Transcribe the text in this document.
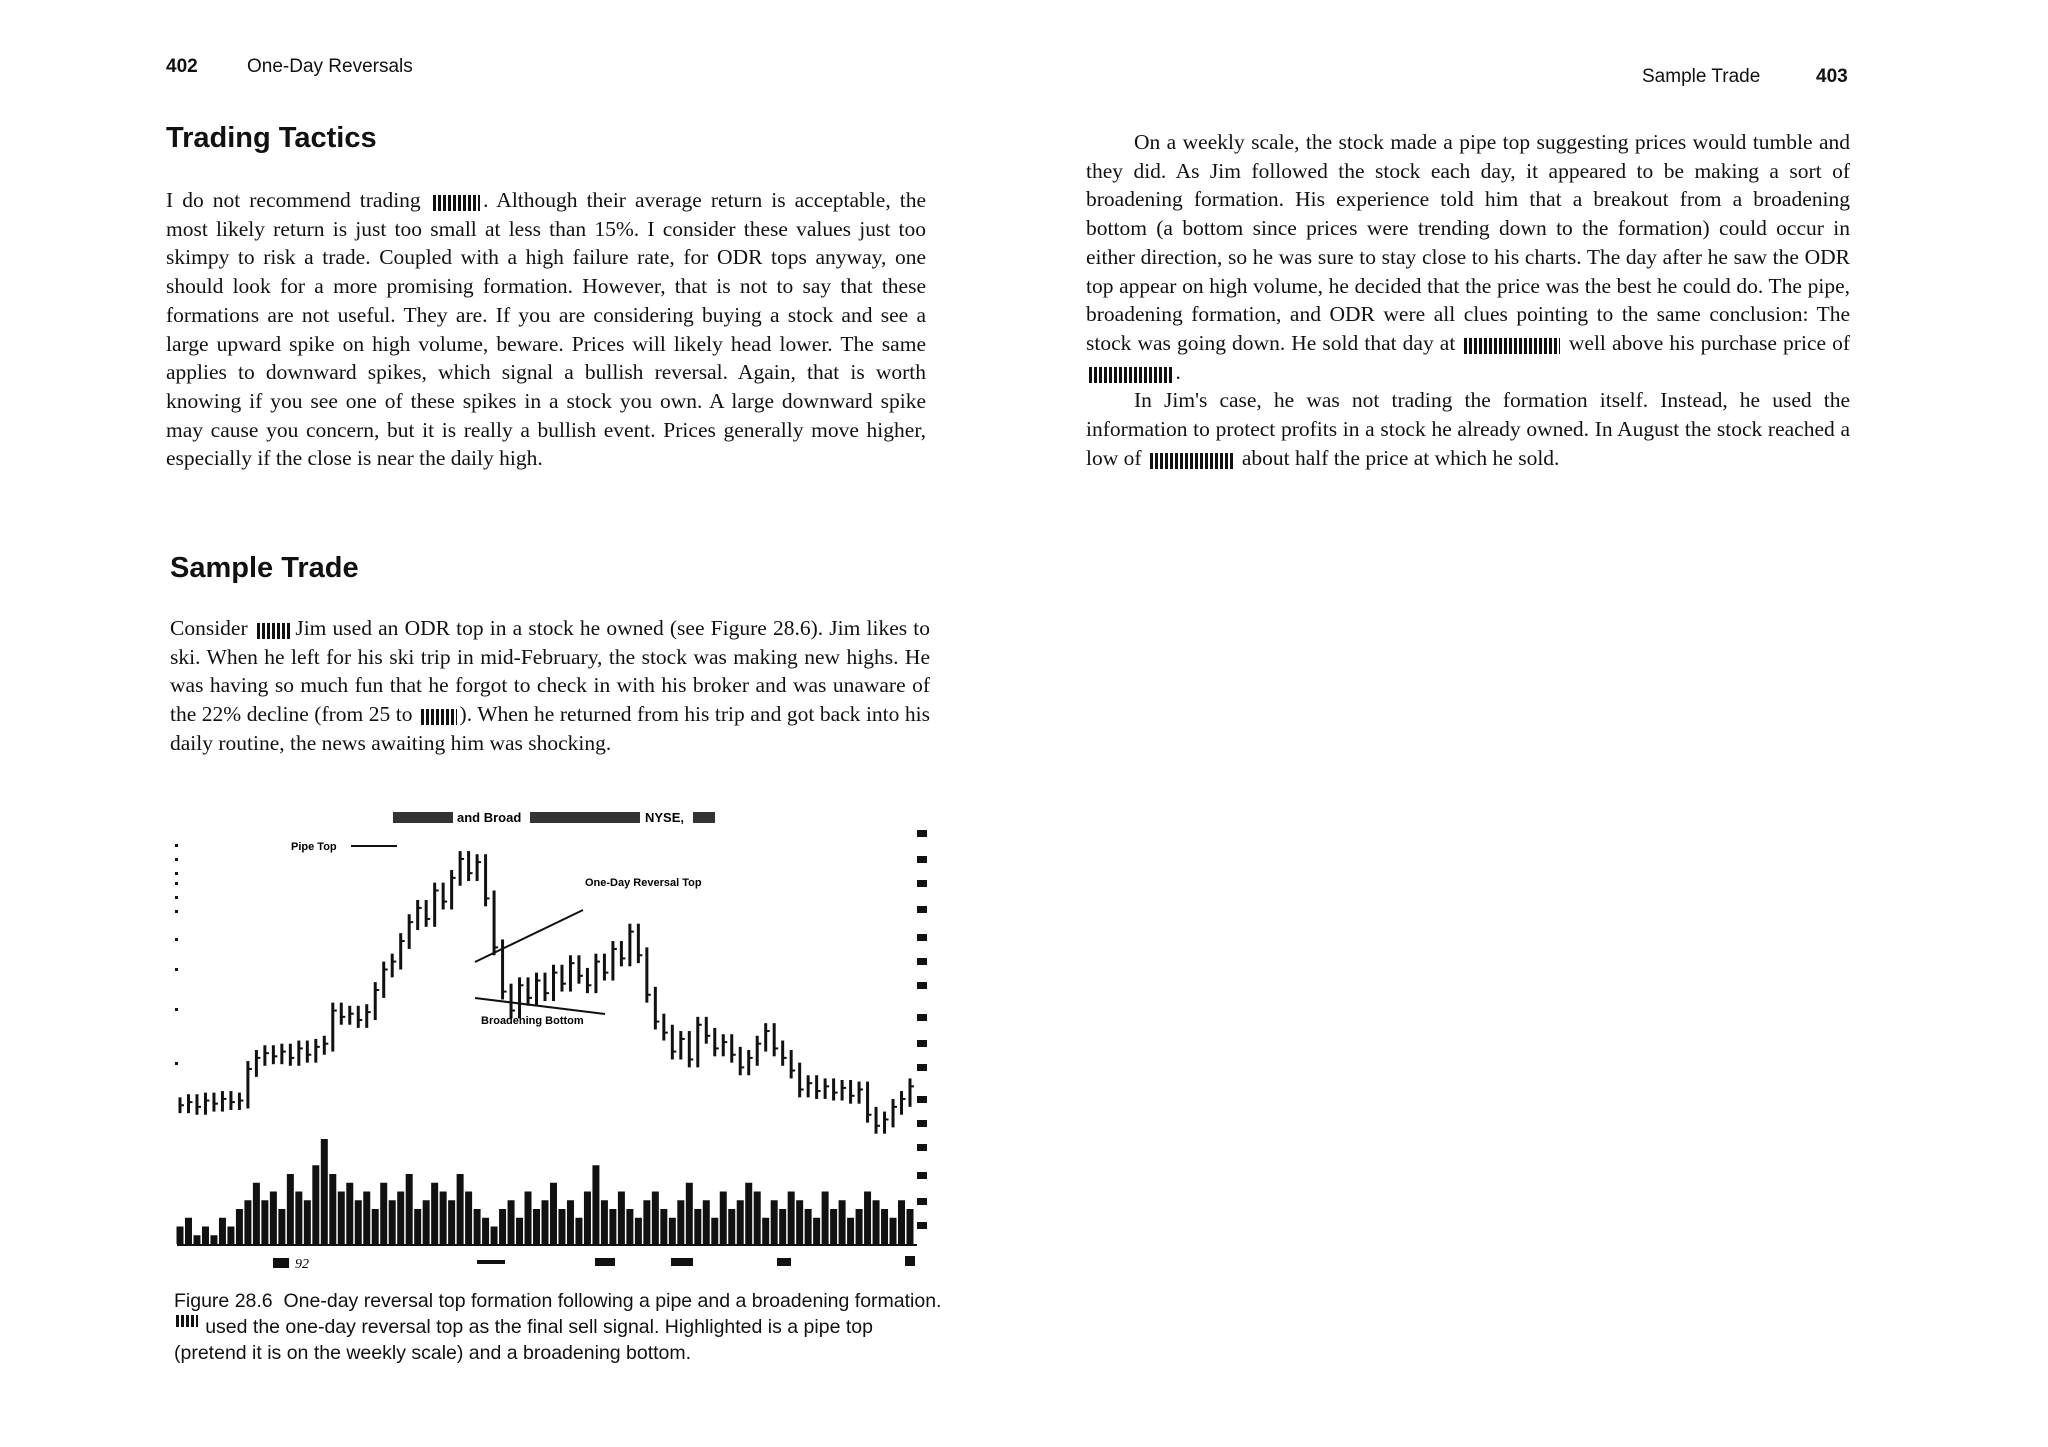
402	One-Day Reversals
Trading Tactics

I do not recommend trading	. Although their average return is acceptable, the most likely return is just too small at less than 15%. I consider these values just too skimpy to risk a trade. Coupled with a high failure rate, for ODR tops anyway, one should look for a more promising formation. However, that is not to say that these formations are not useful. They are. If you are considering buying a stock and see a large upward spike on high volume, beware. Prices will likely head lower. The same applies to downward spikes, which signal a bullish reversal. Again, that is worth knowing if you see one of these spikes in a stock you own. A large downward spike may cause you concern, but it is really a bullish event. Prices generally move higher, especially if the close is near the daily high.

Sample Trade

Consider Jim used an ODR top in a stock he owned (see Figure 28.6). Jim likes to ski. When he left for his ski trip in mid-February, the stock was making new highs. He was having so much fun that he forgot to check in with his broker and was unaware of the 22% decline (from 25 to ). When he returned from his trip and got back into his daily routine, the news awaiting him was shocking.

and Broad	NYSE,
Pipe Top
One-Day Reversal Top
Broadening Bottom
92
Figure 28.6 One-day reversal top formation following a pipe and a broadening formation.  used the one-day reversal top as the final sell signal. Highlighted is a pipe top (pretend it is on the weekly scale) and a broadening bottom.
Sample Trade	403

On a weekly scale, the stock made a pipe top suggesting prices would tumble and they did. As Jim followed the stock each day, it appeared to be making a sort of broadening formation. His experience told him that a breakout from a broadening bottom (a bottom since prices were trending down to the formation) could occur in either direction, so he was sure to stay close to his charts. The day after he saw the ODR top appear on high volume, he decided that the price was the best he could do. The pipe, broadening formation, and ODR were all clues pointing to the same conclusion: The stock was going down. He sold that day at	well above his purchase price of .

In Jim's case, he was not trading the formation itself. Instead, he used the information to protect profits in a stock he already owned. In August the stock reached a low of	about half the price at which he sold.
